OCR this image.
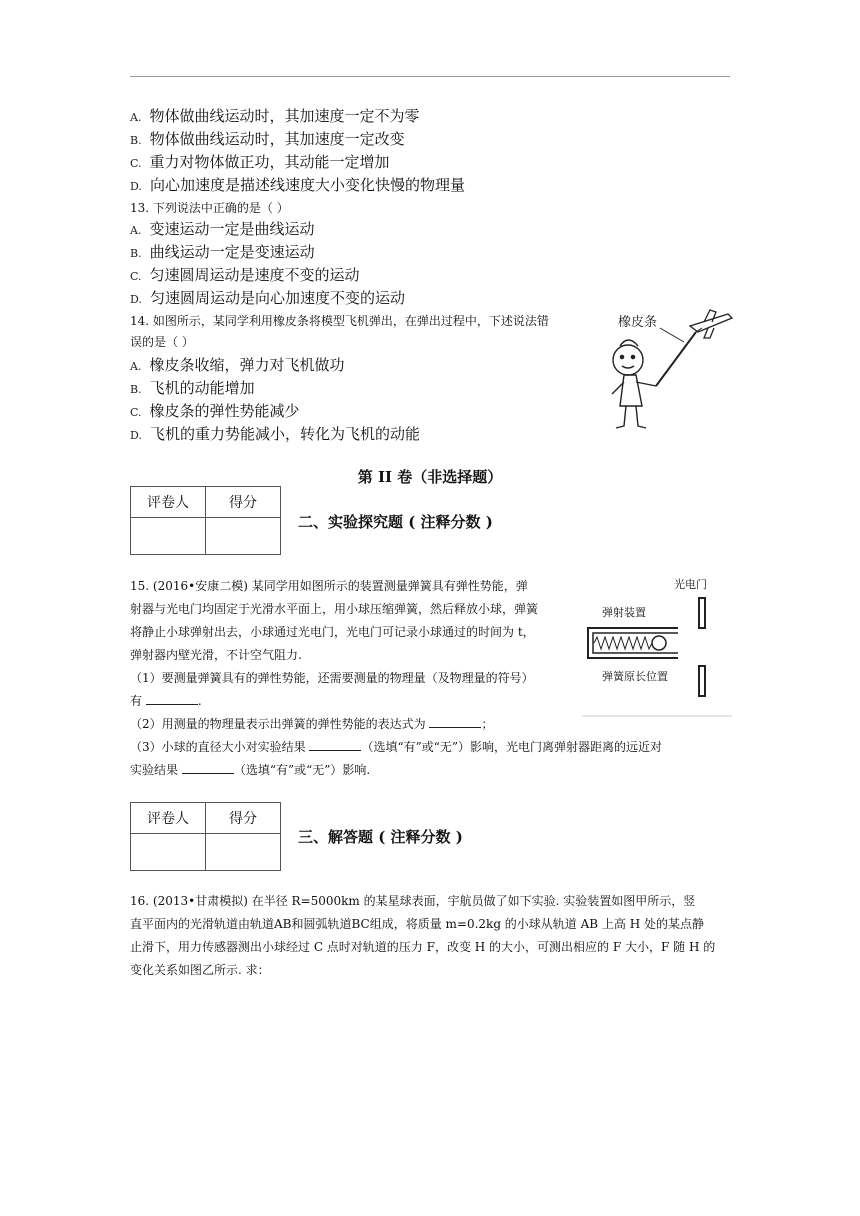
A. 物体做曲线运动时，其加速度一定不为零
B. 物体做曲线运动时，其加速度一定改变
C. 重力对物体做正功，其动能一定增加
D. 向心加速度是描述线速度大小变化快慢的物理量
13. 下列说法中正确的是（ ）
A. 变速运动一定是曲线运动
B. 曲线运动一定是变速运动
C. 匀速圆周运动是速度不变的运动
D. 匀速圆周运动是向心加速度不变的运动
14. 如图所示，某同学利用橡皮条将模型飞机弹出，在弹出过程中，下述说法错
误的是（ ）
A. 橡皮条收缩，弹力对飞机做功
B. 飞机的动能增加
C. 橡皮条的弹性势能减少
D. 飞机的重力势能减小，转化为飞机的动能
橡皮条
第 II 卷（非选择题）
评卷人	得分

二、实验探究题 ( 注释分数 )
15. (2016•安康二模) 某同学用如图所示的装置测量弹簧具有弹性势能，弹
射器与光电门均固定于光滑水平面上，用小球压缩弹簧，然后释放小球，弹簧
将静止小球弹射出去，小球通过光电门，光电门可记录小球通过的时间为 t，
弹射器内壁光滑，不计空气阻力.
（1）要测量弹簧具有的弹性势能，还需要测量的物理量（及物理量的符号）
有	.
（2）用测量的物理量表示出弹簧的弹性势能的表达式为	；
（3）小球的直径大小对实验结果	（选填“有”或“无”）影响，光电门离弹射器距离的远近对
实验结果	（选填“有”或“无”）影响.
光电门
弹射装置
弹簧原长位置
评卷人	得分

三、解答题 ( 注释分数 )
16. (2013•甘肃模拟) 在半径 R=5000km 的某星球表面，宇航员做了如下实验. 实验装置如图甲所示，竖
直平面内的光滑轨道由轨道AB和圆弧轨道BC组成，将质量 m=0.2kg 的小球从轨道 AB 上高 H 处的某点静
止滑下，用力传感器测出小球经过 C 点时对轨道的压力 F，改变 H 的大小，可测出相应的 F 大小，F 随 H 的
变化关系如图乙所示. 求：
